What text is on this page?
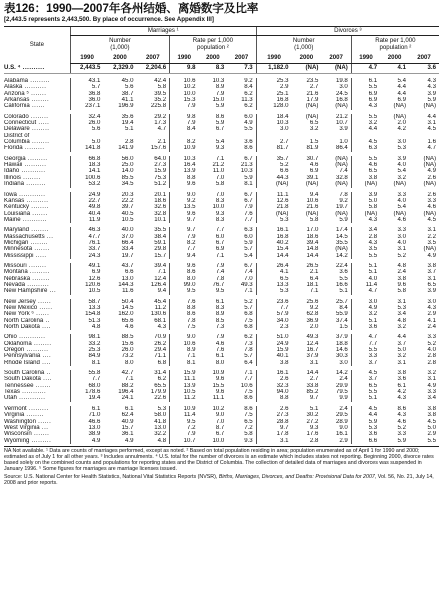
表126：1990—2007年各州结婚、离婚数字及比率

[2,443.5 represents 2,443,500. By place of occurrence. See Appendix III]

State	Marriages ¹						Divorces ³					
	Number
(1,000)			Rate per 1,000
population ²			Number
(1,000)			Rate per 1,000
population ²		
	1990	2000	2007	1990	2000	2007	1990	2000	2007	1990	2000	2007
U.S. ⁴ ..........	2,443.5	2,329.0	2,204.6	9.8	8.3	7.3	1,182.0	(NA)	(NA)	4.7	4.1	3.6

Alabama .........	43.1	45.0	42.4	10.6	10.3	9.2	25.3	23.5	19.8	6.1	5.4	4.3
Alaska ..........	5.7	5.6	5.8	10.2	8.9	8.4	2.9	2.7	3.0	5.5	4.4	4.3
Arizona ⁵ .......	36.8	38.7	39.5	10.0	7.9	6.2	25.1	21.6	24.5	6.9	4.4	3.9
Arkansas ........	36.0	41.1	35.2	15.3	15.0	11.3	16.8	17.9	16.8	6.9	6.9	5.9
California ......	237.1	196.9	225.8	7.9	5.9	6.2	128.0	(NA)	(NA)	4.3	(NA)	(NA)

Colorado ........	32.4	35.6	29.2	9.8	8.6	6.0	18.4	(NA)	21.2	5.5	(NA)	4.4
Connecticut .....	26.0	19.4	17.3	7.9	5.9	4.9	10.3	6.5	10.7	3.2	2.0	3.1
Delaware ........	5.6	5.1	4.7	8.4	6.7	5.5	3.0	3.2	3.9	4.4	4.2	4.5
District of												
Columbia ........	5.0	2.8	2.1	8.2	5.4	3.6	2.7	1.5	1.0	4.5	3.0	1.6
Florida .........	141.8	141.9	157.6	10.9	9.3	8.6	81.7	81.9	86.4	6.3	5.3	4.7

Georgia .........	66.8	56.0	64.0	10.3	7.1	6.7	35.7	30.7	(NA)	5.5	3.9	(NA)
Hawaii ..........	18.3	25.0	27.3	16.4	21.2	21.3	5.2	4.6	(NA)	4.6	4.0	(NA)
Idaho ...........	14.1	14.0	15.9	13.9	11.0	10.3	6.6	6.9	7.4	6.5	5.4	4.9
Illinois ........	100.6	85.5	75.3	8.8	7.0	5.9	44.3	39.1	32.8	3.8	3.2	2.6
Indiana .........	53.2	34.5	51.2	9.6	5.8	8.1	(NA)	(NA)	(NA)	(NA)	(NA)	(NA)

Iowa ............	24.9	20.3	20.1	9.0	7.0	6.7	11.1	9.4	7.8	3.9	3.3	2.6
Kansas ..........	22.7	22.2	18.6	9.2	8.3	6.7	12.6	10.6	9.2	5.0	4.0	3.3
Kentucky ........	49.8	39.7	32.6	13.5	10.0	7.9	21.8	21.6	19.7	5.8	5.4	4.6
Louisiana .......	40.4	40.5	32.8	9.6	9.3	7.6	(NA)	(NA)	(NA)	(NA)	(NA)	(NA)
Maine ...........	11.9	10.5	10.1	9.7	8.3	7.7	5.3	5.8	5.9	4.3	4.6	4.5

Maryland ........	46.3	40.0	35.5	9.7	7.7	6.3	16.1	17.0	17.4	3.4	3.3	3.1
Massachusetts ...	47.7	37.0	38.4	7.9	6.0	6.0	16.8	18.6	14.5	2.8	3.0	2.2
Michigan ........	76.1	66.4	59.1	8.2	6.7	5.9	40.2	39.4	35.5	4.3	4.0	3.5
Minnesota .......	33.7	33.4	29.8	7.7	6.9	5.7	15.4	14.8	(NA)	3.5	3.1	(NA)
Mississippi .....	24.3	19.7	15.7	9.4	7.1	5.4	14.4	14.4	14.2	5.5	5.2	4.9

Missouri ........	49.1	43.7	39.4	9.6	7.9	6.7	26.4	26.5	22.4	5.1	4.8	3.8
Montana .........	6.9	6.6	7.1	8.6	7.4	7.4	4.1	2.1	3.6	5.1	2.4	3.7
Nebraska ........	12.6	13.0	12.4	8.0	7.8	7.0	6.5	6.4	5.5	4.0	3.8	3.1
Nevada ..........	120.6	144.3	126.4	99.0	76.7	49.3	13.3	18.1	16.6	11.4	9.6	6.5
New Hampshire ...	10.5	11.6	9.4	9.5	9.5	7.1	5.3	7.1	5.1	4.7	5.8	3.9

New Jersey ......	58.7	50.4	45.4	7.6	6.1	5.2	23.6	25.6	25.7	3.0	3.1	3.0
New Mexico ......	13.3	14.5	11.2	8.8	8.3	5.7	7.7	9.2	8.4	4.9	5.3	4.3
New York ⁶ ......	154.8	162.0	130.6	8.6	8.9	6.8	57.9	62.8	55.9	3.2	3.4	2.9
North Carolina ..	51.3	65.6	68.1	7.8	8.5	7.5	34.0	36.9	37.4	5.1	4.8	4.1
North Dakota ....	4.8	4.6	4.3	7.5	7.3	6.8	2.3	2.0	1.5	3.6	3.2	2.4

Ohio ............	98.1	88.5	70.9	9.0	7.9	6.2	51.0	49.3	37.9	4.7	4.4	3.3
Oklahoma ........	33.2	15.6	26.2	10.6	4.6	7.3	24.9	12.4	18.8	7.7	3.7	5.2
Oregon ..........	25.3	26.0	29.4	8.9	7.6	7.8	15.9	16.7	14.6	5.5	5.0	4.0
Pennsylvania ....	84.9	73.2	71.1	7.1	6.1	5.7	40.1	37.9	30.3	3.3	3.2	2.8
Rhode Island ....	8.1	8.0	6.8	8.1	8.0	6.4	3.8	3.1	3.0	3.7	3.1	2.8

South Carolina ..	55.8	42.7	31.4	15.9	10.9	7.1	16.1	14.4	14.2	4.5	3.8	3.2
South Dakota ....	7.7	7.1	6.2	11.1	9.6	7.7	2.6	2.7	2.4	3.7	3.6	3.1
Tennessee .......	68.0	88.2	65.5	13.9	15.5	10.6	32.3	33.8	29.9	6.5	6.1	4.9
Texas ...........	178.6	196.4	179.9	10.5	9.6	7.5	94.0	85.2	79.5	5.5	4.2	3.3
Utah ............	19.4	24.1	22.6	11.2	11.1	8.6	8.8	9.7	9.9	5.1	4.3	3.4

Vermont .........	6.1	6.1	5.3	10.9	10.2	8.6	2.6	5.1	2.4	4.5	8.6	3.8
Virginia ........	71.0	62.4	58.0	11.4	9.0	7.5	27.3	30.2	29.5	4.4	4.3	3.8
Washington ......	46.6	40.9	41.8	9.5	7.0	6.5	28.8	27.2	28.9	5.9	4.6	4.5
West Virginia ...	13.0	15.7	13.0	7.2	8.7	7.2	9.7	9.3	9.0	5.3	5.2	5.0
Wisconsin .......	38.9	36.1	32.2	7.9	6.7	5.8	17.8	17.6	16.1	3.6	3.3	2.9
Wyoming .........	4.9	4.9	4.8	10.7	10.0	9.3	3.1	2.8	2.9	6.6	5.9	5.5

NA Not available. ¹ Data are counts of marriages performed, except as noted. ² Based on total population residing in area; population enumerated as of April 1 for 1990 and 2000; estimated as of July 1 for all other years. ³ Includes annulments. ⁴ U.S. total for the number of divorces is an estimate which includes states not reporting. Beginning 2000, divorce rates based solely on the combined counts and populations for reporting states and the District of Columbia. The collection of detailed data of marriages and divorces was suspended in January 1996. ⁵ Some figures for marriages are marriage licenses issued.

Source: U.S. National Center for Health Statistics, National Vital Statistics Reports (NVSR), Births, Marriages, Divorces, and Deaths: Provisional Data for 2007, Vol. 56, No. 21, July 14, 2008 and prior reports.
